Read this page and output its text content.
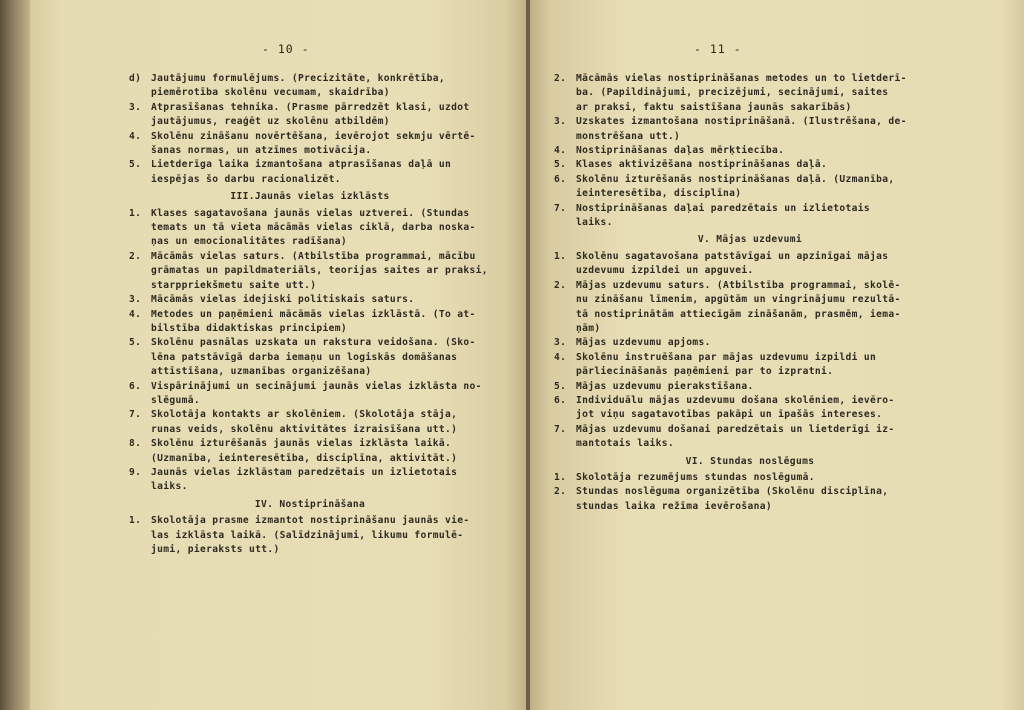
- 10 -
d)	Jautājumu formulējums. (Precizitāte, konkrētība,
piemērotība skolēnu vecumam, skaidrība)
3.	Atprasīšanas tehnika. (Prasme pārredzēt klasi, uzdot
jautājumus, reaģēt uz skolēnu atbildēm)
4.	Skolēnu zināšanu novērtēšana, ievērojot sekmju vērtē-
šanas normas, un atzīmes motivācija.
5.	Lietderīga laika izmantošana atprasīšanas daļā un
iespējas šo darbu racionalizēt.
III.Jaunās vielas izklāsts
1.	Klases sagatavošana jaunās vielas uztverei. (Stundas
temats un tā vieta mācāmās vielas ciklā, darba noska-
ņas un emocionalitātes radīšana)
2.	Mācāmās vielas saturs. (Atbilstība programmai, mācību
grāmatas un papildmateriāls, teorijas saites ar praksi,
starppriekšmetu saite utt.)
3.	Mācāmās vielas idejiski politiskais saturs.
4.	Metodes un paņēmieni mācāmās vielas izklāstā. (To at-
bilstība didaktiskas principiem)
5.	Skolēnu pasnālas uzskata un rakstura veidošana. (Sko-
lēna patstāvīgā darba iemaņu un logiskās domāšanas
attīstīšana, uzmanības organizēšana)
6.	Vispārinājumi un secinājumi jaunās vielas izklāsta no-
slēgumā.
7.	Skolotāja kontakts ar skolēniem. (Skolotāja stāja,
runas veids, skolēnu aktivitātes izraisīšana utt.)
8.	Skolēnu izturēšanās jaunās vielas izklāsta laikā.
(Uzmanība, ieinteresētība, disciplīna, aktivitāt.)
9.	Jaunās vielas izklāstam paredzētais un izlietotais
laiks.
IV. Nostiprināšana
1.	Skolotāja prasme izmantot nostiprināšanu jaunās vie-
las izklāsta laikā. (Salīdzinājumi, likumu formulē-
jumi, pieraksts utt.)
- 11 -
2.	Mācāmās vielas nostiprināšanas metodes un to lietderī-
ba. (Papildinājumi, precizējumi, secinājumi, saites
ar praksi, faktu saistīšana jaunās sakarībās)
3.	Uzskates izmantošana nostiprināšanā. (Ilustrēšana, de-
monstrēšana utt.)
4.	Nostiprināšanas daļas mērķtiecība.
5.	Klases aktivizēšana nostiprināšanas daļā.
6.	Skolēnu izturēšanās nostiprināšanas daļā. (Uzmanība,
ieinteresētība, disciplīna)
7.	Nostiprināšanas daļai paredzētais un izlietotais
laiks.
V. Mājas uzdevumi
1.	Skolēnu sagatavošana patstāvīgai un apzinīgai mājas
uzdevumu izpildei un apguvei.
2.	Mājas uzdevumu saturs. (Atbilstība programmai, skolē-
nu zināšanu līmenim, apgūtām un vingrinājumu rezultā-
tā nostiprinātām attiecīgām zināšanām, prasmēm, iema-
ņām)
3.	Mājas uzdevumu apjoms.
4.	Skolēnu instruēšana par mājas uzdevumu izpildi un
pārliecināšanās paņēmieni par to izpratni.
5.	Mājas uzdevumu pierakstīšana.
6.	Individuālu mājas uzdevumu došana skolēniem, ievēro-
jot viņu sagatavotības pakāpi un īpašās intereses.
7.	Mājas uzdevumu došanai paredzētais un lietderīgi iz-
mantotais laiks.
VI. Stundas noslēgums
1.	Skolotāja rezumējums stundas noslēgumā.
2.	Stundas noslēguma organizētība (Skolēnu disciplīna,
stundas laika režīma ievērošana)
